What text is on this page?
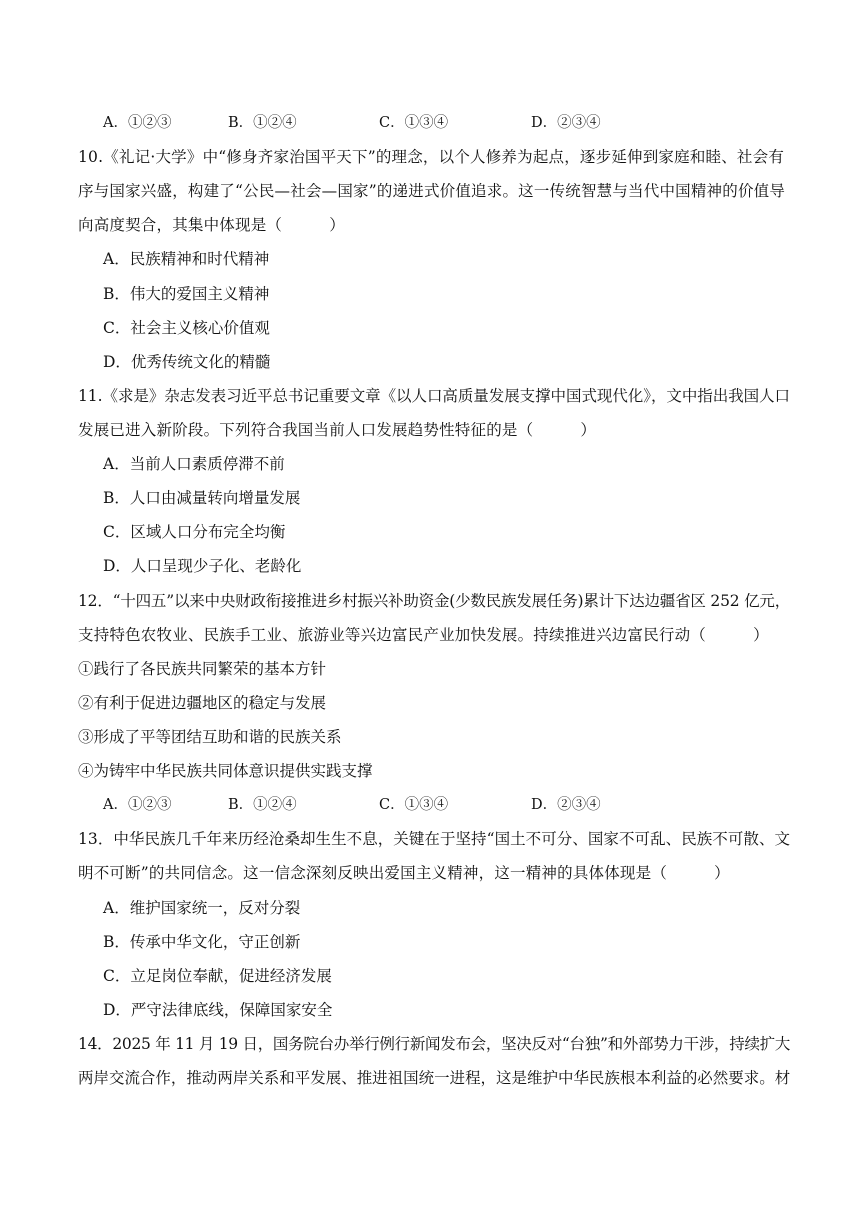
A．①②③	B．①②④	C．①③④	D．②③④
10.《礼记·大学》中“修身齐家治国平天下”的理念，以个人修养为起点，逐步延伸到家庭和睦、社会有
序与国家兴盛，构建了“公民—社会—国家”的递进式价值追求。这一传统智慧与当代中国精神的价值导
向高度契合，其集中体现是（　　　）
A．民族精神和时代精神
B．伟大的爱国主义精神
C．社会主义核心价值观
D．优秀传统文化的精髓
11.《求是》杂志发表习近平总书记重要文章《以人口高质量发展支撑中国式现代化》，文中指出我国人口
发展已进入新阶段。下列符合我国当前人口发展趋势性特征的是（　　　）
A．当前人口素质停滞不前
B．人口由减量转向增量发展
C．区域人口分布完全均衡
D．人口呈现少子化、老龄化
12．“十四五”以来中央财政衔接推进乡村振兴补助资金(少数民族发展任务)累计下达边疆省区 252 亿元，
支持特色农牧业、民族手工业、旅游业等兴边富民产业加快发展。持续推进兴边富民行动（　　　）
①践行了各民族共同繁荣的基本方针
②有利于促进边疆地区的稳定与发展
③形成了平等团结互助和谐的民族关系
④为铸牢中华民族共同体意识提供实践支撑
A．①②③	B．①②④	C．①③④	D．②③④
13．中华民族几千年来历经沧桑却生生不息，关键在于坚持“国土不可分、国家不可乱、民族不可散、文
明不可断”的共同信念。这一信念深刻反映出爱国主义精神，这一精神的具体体现是（　　　）
A．维护国家统一，反对分裂
B．传承中华文化，守正创新
C．立足岗位奉献，促进经济发展
D．严守法律底线，保障国家安全
14．2025 年 11 月 19 日，国务院台办举行例行新闻发布会，坚决反对“台独”和外部势力干涉，持续扩大
两岸交流合作，推动两岸关系和平发展、推进祖国统一进程，这是维护中华民族根本利益的必然要求。材
